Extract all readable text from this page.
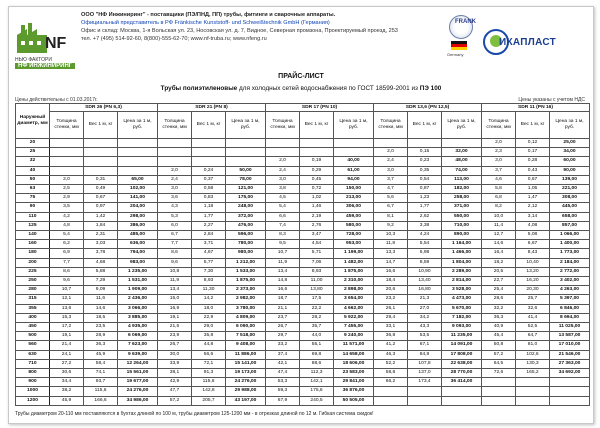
NF
НЬЮ ФАКТОРИ
НФ ИНЖИНИРИНГ
ООО "НФ Инжиниринг" - поставщики (ПЭ/ПНД, ПП) трубы, фитинги и сварочные аппараты.
Официальный представитель в РФ Fränkische Kunststoff- und Schweißtechnik GmbH (Германия)
Офис и склад: Москва, 1-я Вольская ул. 23, Носовская ул. д. 7, Видное, Северная промзона, Проектируемый проезд, 253
тел. +7 (495) 514-92-60, 8(800)-555-62-70; www.nf-truba.ru; www.nfeng.ru
FRANK
Germany
ИКАПЛАСТ
ПРАЙС-ЛИСТ
Трубы полиэтиленовые для холодных сетей водоснабжения по ГОСТ 18599-2001 из ПЭ 100
Цены действительны с 01.03.2017г.	Цены указаны с учетом НДС
Наружный диаметр, мм	SDR 26 (PN 6,3)			SDR 21 (PN 8)			SDR 17 (PN 10)			SDR 13,6 (PN 12,5)			SDR 11 (PN 16)		
	Толщина стенки, мм	Вес 1 м, кг	Цена за 1 м, руб.	Толщина стенки, мм	Вес 1 м, кг	Цена за 1 м, руб.	Толщина стенки, мм	Вес 1 м, кг	Цена за 1 м, руб.	Толщина стенки, мм	Вес 1 м, кг	Цена за 1 м, руб.	Толщина стенки, мм	Вес 1 м, кг	Цена за 1 м, руб.
20													2,0	0,12	25,00
25										2,0	0,15	32,00	2,3	0,17	34,00
32							2,0	0,19	40,00	2,4	0,23	48,00	3,0	0,28	60,00
40				2,0	0,24	50,00	2,4	0,29	61,00	3,0	0,35	74,00	3,7	0,43	90,00
50	2,0	0,31	65,00	2,4	0,37	78,00	3,0	0,45	94,00	3,7	0,54	113,00	4,6	0,67	139,00
63	2,5	0,49	102,00	3,0	0,58	121,00	3,8	0,72	150,00	4,7	0,87	182,00	5,8	1,05	221,00
75	2,9	0,67	141,00	3,6	0,83	175,00	4,5	1,02	213,00	5,6	1,23	258,00	6,8	1,47	308,00
90	3,5	0,97	204,00	4,3	1,18	248,00	5,4	1,46	306,00	6,7	1,77	371,00	8,2	2,12	445,00
110	4,2	1,42	298,00	5,3	1,77	372,00	6,6	2,19	459,00	8,1	2,62	550,00	10,0	3,14	658,00
125	4,8	1,84	386,00	6,0	2,27	476,00	7,4	2,76	580,00	9,2	3,38	710,00	11,4	4,08	857,00
140	5,4	2,31	485,00	6,7	2,84	596,00	8,3	3,47	728,00	10,3	4,24	890,00	12,7	5,08	1 066,00
160	6,2	3,03	636,00	7,7	3,71	780,00	9,5	4,54	953,00	11,8	5,54	1 164,00	14,6	6,67	1 400,00
180	6,9	3,78	794,00	8,6	4,67	980,00	10,7	5,71	1 199,00	13,3	6,98	1 466,00	16,4	8,43	1 773,00
200	7,7	4,68	983,00	9,6	5,77	1 212,00	11,9	7,06	1 482,00	14,7	8,59	1 804,00	18,2	10,40	2 184,00
225	8,6	5,88	1 235,00	10,8	7,30	1 533,00	13,4	8,93	1 875,00	16,6	10,90	2 289,00	20,5	13,20	2 772,00
250	9,6	7,29	1 531,00	11,9	8,93	1 875,00	14,8	11,00	2 310,00	18,4	13,40	2 814,00	22,7	16,20	3 402,00
280	10,7	9,09	1 909,00	13,4	11,30	2 373,00	16,6	13,80	2 898,00	20,6	16,80	3 528,00	25,4	20,30	4 263,00
315	12,1	11,6	2 436,00	15,0	14,2	2 982,00	18,7	17,5	3 654,00	23,2	21,3	4 473,00	28,6	25,7	5 397,00
355	13,6	14,6	3 066,00	16,9	18,0	3 780,00	21,1	22,2	4 662,00	26,1	27,0	5 670,00	32,2	32,6	6 846,00
400	15,3	18,5	3 885,00	19,1	22,9	4 809,00	23,7	28,2	5 922,00	29,4	34,2	7 182,00	36,3	41,4	8 694,00
450	17,2	23,5	4 935,00	21,5	29,0	6 090,00	26,7	35,7	7 455,00	33,1	43,3	9 093,00	40,9	52,5	11 025,00
500	19,1	28,9	6 069,00	23,9	35,8	7 518,00	29,7	44,0	9 240,00	36,8	53,5	11 235,00	45,4	64,7	13 587,00
560	21,4	36,3	7 623,00	26,7	44,8	9 408,00	33,2	55,1	11 571,00	41,2	67,1	14 091,00	50,8	81,0	17 010,00
630	24,1	45,9	9 639,00	30,0	56,6	11 886,00	37,4	69,8	14 658,00	46,3	84,8	17 808,00	57,2	102,6	21 546,00
710	27,2	58,4	12 264,00	33,9	72,1	15 141,00	42,1	88,6	18 606,00	52,2	107,8	22 638,00	64,5	130,3	27 363,00
800	30,6	74,1	15 561,00	38,1	91,3	19 173,00	47,4	112,3	23 583,00	58,8	137,0	28 770,00	72,6	165,2	34 692,00
900	34,4	93,7	19 677,00	42,9	115,6	24 276,00	53,3	142,1	29 841,00	66,2	173,4	36 414,00			
1000	38,2	115,6	24 276,00	47,7	142,8	29 988,00	59,3	175,6	36 876,00						
1200	45,9	166,6	34 986,00	57,2	205,7	43 197,00	67,9	240,5	50 505,00						
Трубы диаметром 20-110 мм поставляются в бухтах длиной по 100 м, трубы диаметром 125-1200 мм - в отрезках длиной по 12 м. Гибкая система скидок!
